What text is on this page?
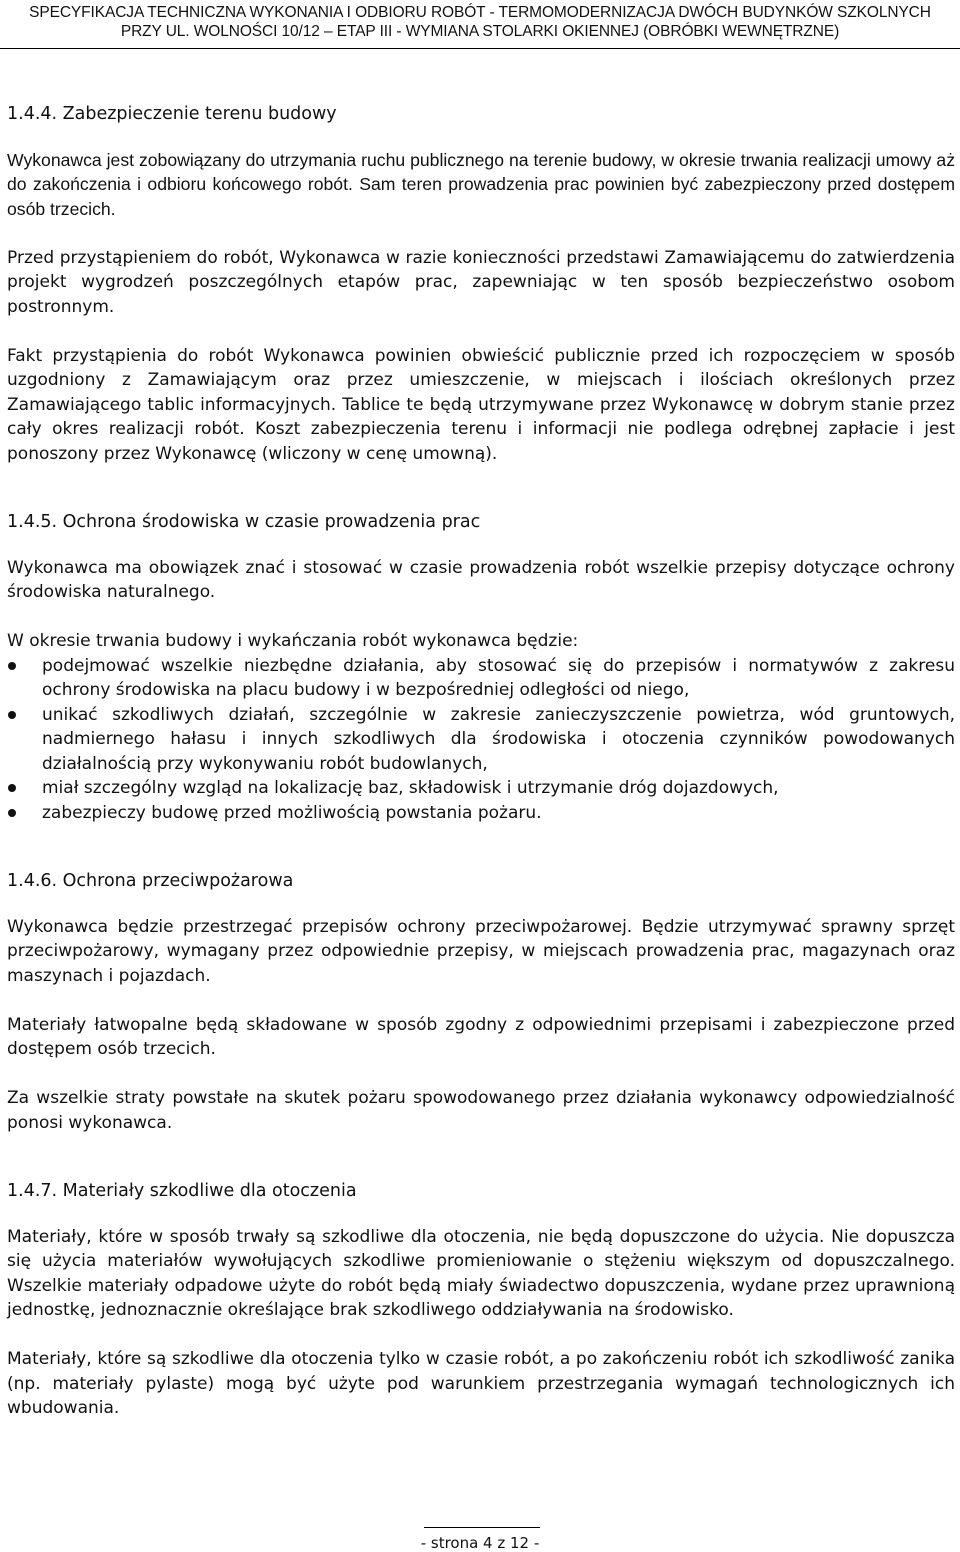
SPECYFIKACJA TECHNICZNA WYKONANIA I ODBIORU ROBÓT - TERMOMODERNIZACJA DWÓCH BUDYNKÓW SZKOLNYCH
PRZY UL. WOLNOŚCI 10/12 – ETAP III - WYMIANA STOLARKI OKIENNEJ (OBRÓBKI WEWNĘTRZNE)
1.4.4. Zabezpieczenie terenu budowy

Wykonawca jest zobowiązany do utrzymania ruchu publicznego na terenie budowy, w okresie trwania realizacji umowy aż do zakończenia i odbioru końcowego robót. Sam teren prowadzenia prac powinien być zabezpieczony przed dostępem osób trzecich.

Przed przystąpieniem do robót, Wykonawca w razie konieczności przedstawi Zamawiającemu do zatwierdzenia projekt wygrodzeń poszczególnych etapów prac, zapewniając w ten sposób bezpieczeństwo osobom postronnym.

Fakt przystąpienia do robót Wykonawca powinien obwieścić publicznie przed ich rozpoczęciem w sposób uzgodniony z Zamawiającym oraz przez umieszczenie, w miejscach i ilościach określonych przez Zamawiającego tablic informacyjnych. Tablice te będą utrzymywane przez Wykonawcę w dobrym stanie przez cały okres realizacji robót. Koszt zabezpieczenia terenu i informacji nie podlega odrębnej zapłacie i jest ponoszony przez Wykonawcę (wliczony w cenę umowną).

1.4.5. Ochrona środowiska w czasie prowadzenia prac

Wykonawca ma obowiązek znać i stosować w czasie prowadzenia robót wszelkie przepisy dotyczące ochrony środowiska naturalnego.

W okresie trwania budowy i wykańczania robót wykonawca będzie:

podejmować wszelkie niezbędne działania, aby stosować się do przepisów i normatywów z zakresu ochrony środowiska na placu budowy i w bezpośredniej odległości od niego,
unikać szkodliwych działań, szczególnie w zakresie zanieczyszczenie powietrza, wód gruntowych, nadmiernego hałasu i innych szkodliwych dla środowiska i otoczenia czynników powodowanych działalnością przy wykonywaniu robót budowlanych,
miał szczególny wzgląd na lokalizację baz, składowisk i utrzymanie dróg dojazdowych,
zabezpieczy budowę przed możliwością powstania pożaru.
1.4.6. Ochrona przeciwpożarowa

Wykonawca będzie przestrzegać przepisów ochrony przeciwpożarowej. Będzie utrzymywać sprawny sprzęt przeciwpożarowy, wymagany przez odpowiednie przepisy, w miejscach prowadzenia prac, magazynach oraz maszynach i pojazdach.

Materiały łatwopalne będą składowane w sposób zgodny z odpowiednimi przepisami i zabezpieczone przed dostępem osób trzecich.

Za wszelkie straty powstałe na skutek pożaru spowodowanego przez działania wykonawcy odpowiedzialność ponosi wykonawca.

1.4.7. Materiały szkodliwe dla otoczenia

Materiały, które w sposób trwały są szkodliwe dla otoczenia, nie będą dopuszczone do użycia. Nie dopuszcza się użycia materiałów wywołujących szkodliwe promieniowanie o stężeniu większym od dopuszczalnego. Wszelkie materiały odpadowe użyte do robót będą miały świadectwo dopuszczenia, wydane przez uprawnioną jednostkę, jednoznacznie określające brak szkodliwego oddziaływania na środowisko.

Materiały, które są szkodliwe dla otoczenia tylko w czasie robót, a po zakończeniu robót ich szkodliwość zanika (np. materiały pylaste) mogą być użyte pod warunkiem przestrzegania wymagań technologicznych ich wbudowania.

- strona 4 z 12 -
